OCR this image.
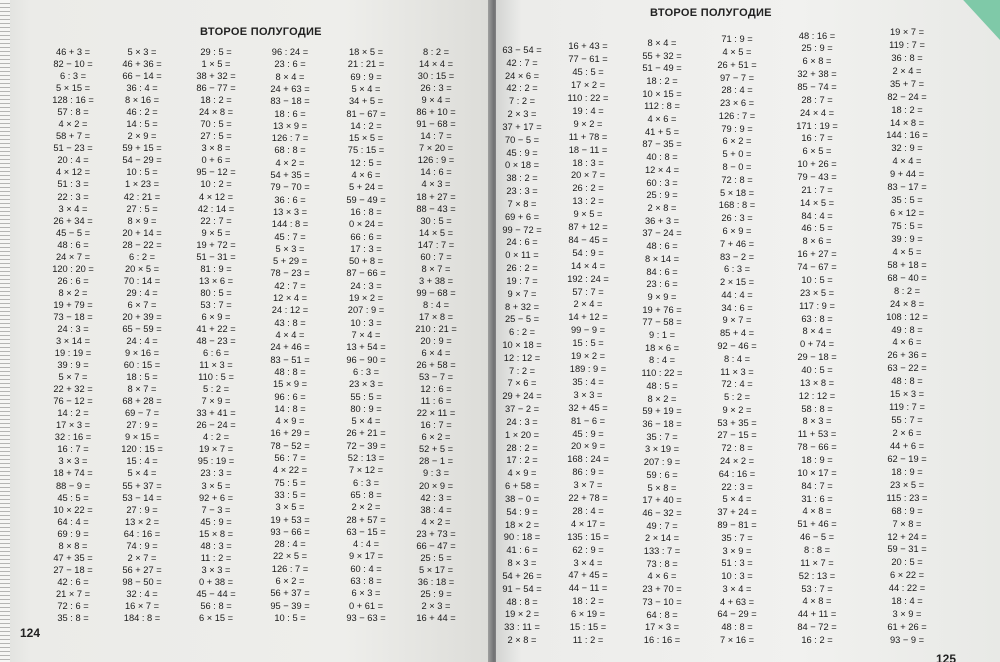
ВТОРОЕ ПОЛУГОДИЕ
46 + 3 =
82 − 10 =
6 : 3 =
5 × 15 =
128 : 16 =
57 : 8 =
4 × 2 =
58 + 7 =
51 − 23 =
20 : 4 =
4 × 12 =
51 : 3 =
22 : 3 =
3 × 4 =
26 + 34 =
45 − 5 =
48 : 6 =
24 × 7 =
120 : 20 =
26 : 6 =
8 × 2 =
19 + 79 =
73 − 18 =
24 : 3 =
3 × 14 =
19 : 19 =
39 : 9 =
5 × 7 =
22 + 32 =
76 − 12 =
14 : 2 =
17 × 3 =
32 : 16 =
16 : 7 =
3 × 3 =
18 + 74 =
88 − 9 =
45 : 5 =
10 × 22 =
64 : 4 =
69 : 9 =
8 × 8 =
47 + 35 =
27 − 18 =
42 : 6 =
21 × 7 =
72 : 6 =
35 : 8 =
5 × 3 =
46 + 36 =
66 − 14 =
36 : 4 =
8 × 16 =
46 : 2 =
14 : 5 =
2 × 9 =
59 + 15 =
54 − 29 =
10 : 5 =
1 × 23 =
42 : 21 =
27 : 5 =
8 × 9 =
20 + 14 =
28 − 22 =
6 : 2 =
20 × 5 =
70 : 14 =
29 : 4 =
6 × 7 =
20 + 39 =
65 − 59 =
24 : 4 =
9 × 16 =
60 : 15 =
18 : 5 =
8 × 7 =
68 + 28 =
69 − 7 =
27 : 9 =
9 × 15 =
120 : 15 =
15 : 4 =
5 × 4 =
55 + 37 =
53 − 14 =
27 : 9 =
13 × 2 =
64 : 16 =
74 : 9 =
2 × 7 =
56 + 27 =
98 − 50 =
32 : 4 =
16 × 7 =
184 : 8 =
29 : 5 =
1 × 5 =
38 + 32 =
86 − 77 =
18 : 2 =
24 × 8 =
70 : 5 =
27 : 5 =
3 × 8 =
0 + 6 =
95 − 12 =
10 : 2 =
4 × 12 =
42 : 14 =
22 : 7 =
9 × 5 =
19 + 72 =
51 − 31 =
81 : 9 =
13 × 6 =
80 : 5 =
53 : 7 =
6 × 9 =
41 + 22 =
48 − 23 =
6 : 6 =
11 × 3 =
110 : 5 =
5 : 2 =
7 × 9 =
33 + 41 =
26 − 24 =
4 : 2 =
19 × 7 =
95 : 19 =
23 : 3 =
3 × 5 =
92 + 6 =
7 − 3 =
45 : 9 =
15 × 8 =
48 : 3 =
11 : 2 =
3 × 3 =
0 + 38 =
45 − 44 =
56 : 8 =
6 × 15 =
96 : 24 =
23 : 6 =
8 × 4 =
24 + 63 =
83 − 18 =
18 : 6 =
13 × 9 =
126 : 7 =
68 : 8 =
4 × 2 =
54 + 35 =
79 − 70 =
36 : 6 =
13 × 3 =
144 : 8 =
45 : 7 =
5 × 3 =
5 + 29 =
78 − 23 =
42 : 7 =
12 × 4 =
24 : 12 =
43 : 8 =
4 × 4 =
24 + 46 =
83 − 51 =
48 : 8 =
15 × 9 =
96 : 6 =
14 : 8 =
4 × 9 =
16 + 29 =
78 − 52 =
56 : 7 =
4 × 22 =
75 : 5 =
33 : 5 =
3 × 5 =
19 + 53 =
93 − 66 =
28 : 4 =
22 × 5 =
126 : 7 =
6 × 2 =
56 + 37 =
95 − 39 =
10 : 5 =
18 × 5 =
21 : 21 =
69 : 9 =
5 × 4 =
34 + 5 =
81 − 67 =
14 : 2 =
15 × 5 =
75 : 15 =
12 : 5 =
4 × 6 =
5 + 24 =
59 − 49 =
16 : 8 =
0 × 24 =
66 : 6 =
17 : 3 =
50 + 8 =
87 − 66 =
24 : 3 =
19 × 2 =
207 : 9 =
10 : 3 =
7 × 4 =
13 + 54 =
96 − 90 =
6 : 3 =
23 × 3 =
55 : 5 =
80 : 9 =
5 × 4 =
26 + 21 =
72 − 39 =
52 : 13 =
7 × 12 =
6 : 3 =
65 : 8 =
2 × 2 =
28 + 57 =
63 − 15 =
4 : 4 =
9 × 17 =
60 : 4 =
63 : 8 =
6 × 3 =
0 + 61 =
93 − 63 =
8 : 2 =
14 × 4 =
30 : 15 =
26 : 3 =
9 × 4 =
86 + 10 =
91 − 68 =
14 : 7 =
7 × 20 =
126 : 9 =
14 : 6 =
4 × 3 =
18 + 27 =
88 − 43 =
30 : 5 =
14 × 5 =
147 : 7 =
60 : 7 =
8 × 7 =
3 + 38 =
99 − 68 =
8 : 4 =
17 × 8 =
210 : 21 =
20 : 9 =
6 × 4 =
26 + 58 =
53 − 7 =
12 : 6 =
11 : 6 =
22 × 11 =
16 : 7 =
6 × 2 =
52 + 5 =
28 − 1 =
9 : 3 =
20 × 9 =
42 : 3 =
38 : 4 =
4 × 2 =
23 + 73 =
66 − 47 =
25 : 5 =
5 × 17 =
36 : 18 =
25 : 9 =
2 × 3 =
16 + 44 =
124
ВТОРОЕ ПОЛУГОДИЕ
63 − 54 =
42 : 7 =
24 × 6 =
42 : 2 =
7 : 2 =
2 × 3 =
37 + 17 =
70 − 5 =
45 : 9 =
0 × 18 =
38 : 2 =
23 : 3 =
7 × 8 =
69 + 6 =
99 − 72 =
24 : 6 =
0 × 11 =
26 : 2 =
19 : 7 =
9 × 7 =
8 + 32 =
25 − 5 =
6 : 2 =
10 × 18 =
12 : 12 =
7 : 2 =
7 × 6 =
29 + 24 =
37 − 2 =
24 : 3 =
1 × 20 =
28 : 2 =
17 : 2 =
4 × 9 =
6 + 58 =
38 − 0 =
54 : 9 =
18 × 2 =
90 : 18 =
41 : 6 =
8 × 3 =
54 + 26 =
91 − 54 =
48 : 8 =
19 × 2 =
33 : 11 =
2 × 8 =
16 + 43 =
77 − 61 =
45 : 5 =
17 × 2 =
110 : 22 =
19 : 4 =
9 × 2 =
11 + 78 =
18 − 11 =
18 : 3 =
20 × 7 =
26 : 2 =
13 : 2 =
9 × 5 =
87 + 12 =
84 − 45 =
54 : 9 =
14 × 4 =
192 : 24 =
57 : 7 =
2 × 4 =
14 + 12 =
99 − 9 =
15 : 5 =
19 × 2 =
189 : 9 =
35 : 4 =
3 × 3 =
32 + 45 =
81 − 6 =
45 : 9 =
20 × 9 =
168 : 24 =
86 : 9 =
3 × 7 =
22 + 78 =
28 : 4 =
4 × 17 =
135 : 15 =
62 : 9 =
3 × 4 =
47 + 45 =
44 − 11 =
18 : 2 =
6 × 19 =
15 : 15 =
11 : 2 =
8 × 4 =
55 + 32 =
51 − 49 =
18 : 2 =
10 × 15 =
112 : 8 =
4 × 6 =
41 + 5 =
87 − 35 =
40 : 8 =
12 × 4 =
60 : 3 =
25 : 9 =
2 × 8 =
36 + 3 =
37 − 24 =
48 : 6 =
8 × 14 =
84 : 6 =
23 : 6 =
9 × 9 =
19 + 76 =
77 − 58 =
9 : 1 =
18 × 6 =
8 : 4 =
110 : 22 =
48 : 5 =
8 × 2 =
59 + 19 =
36 − 18 =
35 : 7 =
3 × 19 =
207 : 9 =
59 : 6 =
5 × 8 =
17 + 40 =
46 − 32 =
49 : 7 =
2 × 14 =
133 : 7 =
73 : 8 =
4 × 6 =
23 + 70 =
73 − 10 =
64 : 8 =
17 × 3 =
16 : 16 =
71 : 9 =
4 × 5 =
26 + 51 =
97 − 7 =
28 : 4 =
23 × 6 =
126 : 7 =
79 : 9 =
6 × 2 =
5 + 0 =
8 − 0 =
72 : 8 =
5 × 18 =
168 : 8 =
26 : 3 =
6 × 9 =
7 + 46 =
83 − 2 =
6 : 3 =
2 × 15 =
44 : 4 =
34 : 6 =
9 × 7 =
85 + 4 =
92 − 46 =
8 : 4 =
11 × 3 =
72 : 4 =
5 : 2 =
9 × 2 =
53 + 35 =
27 − 15 =
72 : 8 =
24 × 2 =
64 : 16 =
22 : 3 =
5 × 4 =
37 + 24 =
89 − 81 =
35 : 7 =
3 × 9 =
51 : 3 =
10 : 3 =
3 × 4 =
4 + 63 =
64 − 29 =
48 : 8 =
7 × 16 =
48 : 16 =
25 : 9 =
6 × 8 =
32 + 38 =
85 − 74 =
28 : 7 =
24 × 4 =
171 : 19 =
16 : 7 =
6 × 5 =
10 + 26 =
79 − 43 =
21 : 7 =
14 × 5 =
84 : 4 =
46 : 5 =
8 × 6 =
16 + 27 =
74 − 67 =
10 : 5 =
23 × 5 =
117 : 9 =
63 : 8 =
8 × 4 =
0 + 74 =
29 − 18 =
40 : 5 =
13 × 8 =
12 : 12 =
58 : 8 =
8 × 3 =
11 + 53 =
78 − 66 =
18 : 9 =
10 × 17 =
84 : 7 =
31 : 6 =
4 × 8 =
51 + 46 =
46 − 5 =
8 : 8 =
11 × 7 =
52 : 13 =
53 : 7 =
4 × 8 =
44 + 11 =
84 − 72 =
16 : 2 =
19 × 7 =
119 : 7 =
36 : 8 =
2 × 4 =
35 + 7 =
82 − 24 =
18 : 2 =
14 × 8 =
144 : 16 =
32 : 9 =
4 × 4 =
9 + 44 =
83 − 17 =
35 : 5 =
6 × 12 =
75 : 5 =
39 : 9 =
4 × 5 =
58 + 18 =
68 − 40 =
8 : 2 =
24 × 8 =
108 : 12 =
49 : 8 =
4 × 6 =
26 + 36 =
63 − 22 =
48 : 8 =
15 × 3 =
119 : 7 =
55 : 7 =
2 × 6 =
44 + 6 =
62 − 19 =
18 : 9 =
23 × 5 =
115 : 23 =
68 : 9 =
7 × 8 =
12 + 24 =
59 − 31 =
20 : 5 =
6 × 22 =
44 : 22 =
18 : 4 =
3 × 9 =
61 + 26 =
93 − 9 =
125
